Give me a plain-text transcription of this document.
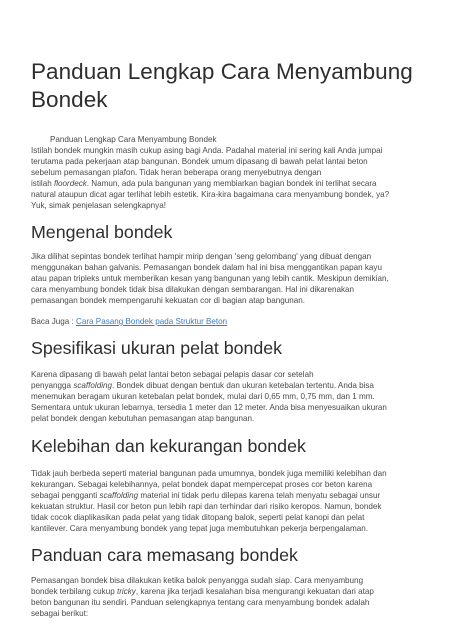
Panduan Lengkap Cara Menyambung Bondek
Panduan Lengkap Cara Menyambung Bondek
Istilah bondek mungkin masih cukup asing bagi Anda. Padahal material ini sering kali Anda jumpai
terutama pada pekerjaan atap bangunan. Bondek umum dipasang di bawah pelat lantai beton
sebelum pemasangan plafon. Tidak heran beberapa orang menyebutnya dengan
istilah floordeck. Namun, ada pula bangunan yang membiarkan bagian bondek ini terlihat secara
natural ataupun dicat agar terlihat lebih estetik. Kira-kira bagaimana cara menyambung bondek, ya?
Yuk, simak penjelasan selengkapnya!
Mengenal bondek

Jika dilihat sepintas bondek terlihat hampir mirip dengan 'seng gelombang' yang dibuat dengan
menggunakan bahan galvanis. Pemasangan bondek dalam hal ini bisa menggantikan papan kayu
atau papan tripleks untuk memberikan kesan yang bangunan yang lebih cantik. Meskipun demikian,
cara menyambung bondek tidak bisa dilakukan dengan sembarangan. Hal ini dikarenakan
pemasangan bondek mempengaruhi kekuatan cor di bagian atap bangunan.

Baca Juga : Cara Pasang Bondek pada Struktur Beton

Spesifikasi ukuran pelat bondek

Karena dipasang di bawah pelat lantai beton sebagai pelapis dasar cor setelah
penyangga scaffolding. Bondek dibuat dengan bentuk dan ukuran ketebalan tertentu. Anda bisa
menemukan beragam ukuran ketebalan pelat bondek, mulai dari 0,65 mm, 0,75 mm, dan 1 mm.
Sementara untuk ukuran lebarnya, tersedia 1 meter dan 12 meter. Anda bisa menyesuaikan ukuran
pelat bondek dengan kebutuhan pemasangan atap bangunan.

Kelebihan dan kekurangan bondek

Tidak jauh berbeda seperti material bangunan pada umumnya, bondek juga memiliki kelebihan dan
kekurangan. Sebagai kelebihannya, pelat bondek dapat mempercepat proses cor beton karena
sebagai pengganti scaffolding material ini tidak perlu dilepas karena telah menyatu sebagai unsur
kekuatan struktur. Hasil cor beton pun lebih rapi dan terhindar dari risiko keropos. Namun, bondek
tidak cocok diaplikasikan pada pelat yang tidak ditopang balok, seperti pelat kanopi dan pelat
kantilever. Cara menyambung bondek yang tepat juga membutuhkan pekerja berpengalaman.

Panduan cara memasang bondek

Pemasangan bondek bisa dilakukan ketika balok penyangga sudah siap. Cara menyambung
bondek terbilang cukup tricky, karena jika terjadi kesalahan bisa mengurangi kekuatan dari atap
beton bangunan itu sendiri. Panduan selengkapnya tentang cara menyambung bondek adalah
sebagai berikut:
